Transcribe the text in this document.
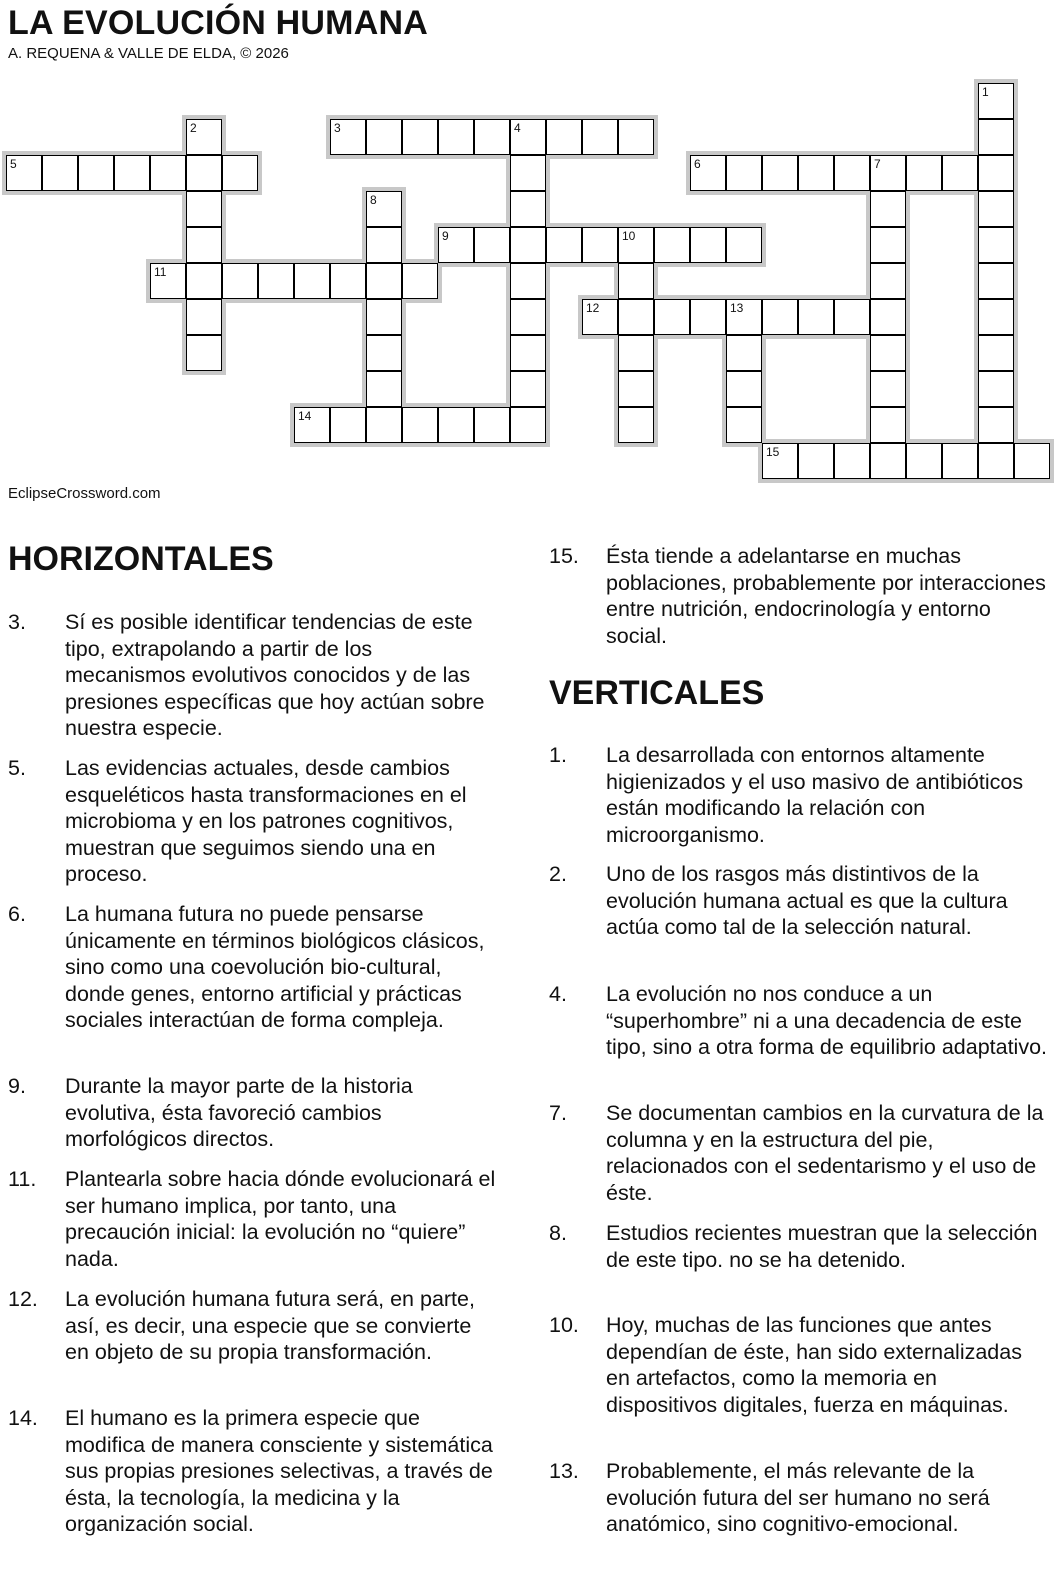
LA EVOLUCIÓN HUMANA
A. REQUENA & VALLE DE ELDA, © 2026
1
2	3	4
5	6	7
8
9	10
11
12	13
14
15
EclipseCrossword.com
HORIZONTALES
3.	Sí es posible identificar tendencias de este tipo, extrapolando a partir de los mecanismos evolutivos conocidos y de las presiones específicas que hoy actúan sobre nuestra especie.
5.	Las evidencias actuales, desde cambios esqueléticos hasta transformaciones en el microbioma y en los patrones cognitivos, muestran que seguimos siendo una en proceso.
6.	La humana futura no puede pensarse únicamente en términos biológicos clásicos, sino como una coevolución bio-cultural, donde genes, entorno artificial y prácticas sociales interactúan de forma compleja.
9.	Durante la mayor parte de la historia evolutiva, ésta favoreció cambios morfológicos directos.
11.	Plantearla sobre hacia dónde evolucionará el ser humano implica, por tanto, una precaución inicial: la evolución no “quiere” nada.
12.	La evolución humana futura será, en parte, así, es decir, una especie que se convierte en objeto de su propia transformación.
14.	El humano es la primera especie que modifica de manera consciente y sistemática sus propias presiones selectivas, a través de ésta, la tecnología, la medicina y la organización social.
15.	Ésta tiende a adelantarse en muchas poblaciones, probablemente por interacciones entre nutrición, endocrinología y entorno social.
VERTICALES
1.	La desarrollada con entornos altamente higienizados y el uso masivo de antibióticos están modificando la relación con microorganismo.
2.	Uno de los rasgos más distintivos de la evolución humana actual es que la cultura actúa como tal de la selección natural.
4.	La evolución no nos conduce a un “superhombre” ni a una decadencia de este tipo, sino a otra forma de equilibrio adaptativo.
7.	Se documentan cambios en la curvatura de la columna y en la estructura del pie, relacionados con el sedentarismo y el uso de éste.
8.	Estudios recientes muestran que la selección de este tipo. no se ha detenido.
10.	Hoy, muchas de las funciones que antes dependían de éste, han sido externalizadas en artefactos, como la memoria en dispositivos digitales, fuerza en máquinas.
13.	Probablemente, el más relevante de la evolución futura del ser humano no será anatómico, sino cognitivo-emocional.
